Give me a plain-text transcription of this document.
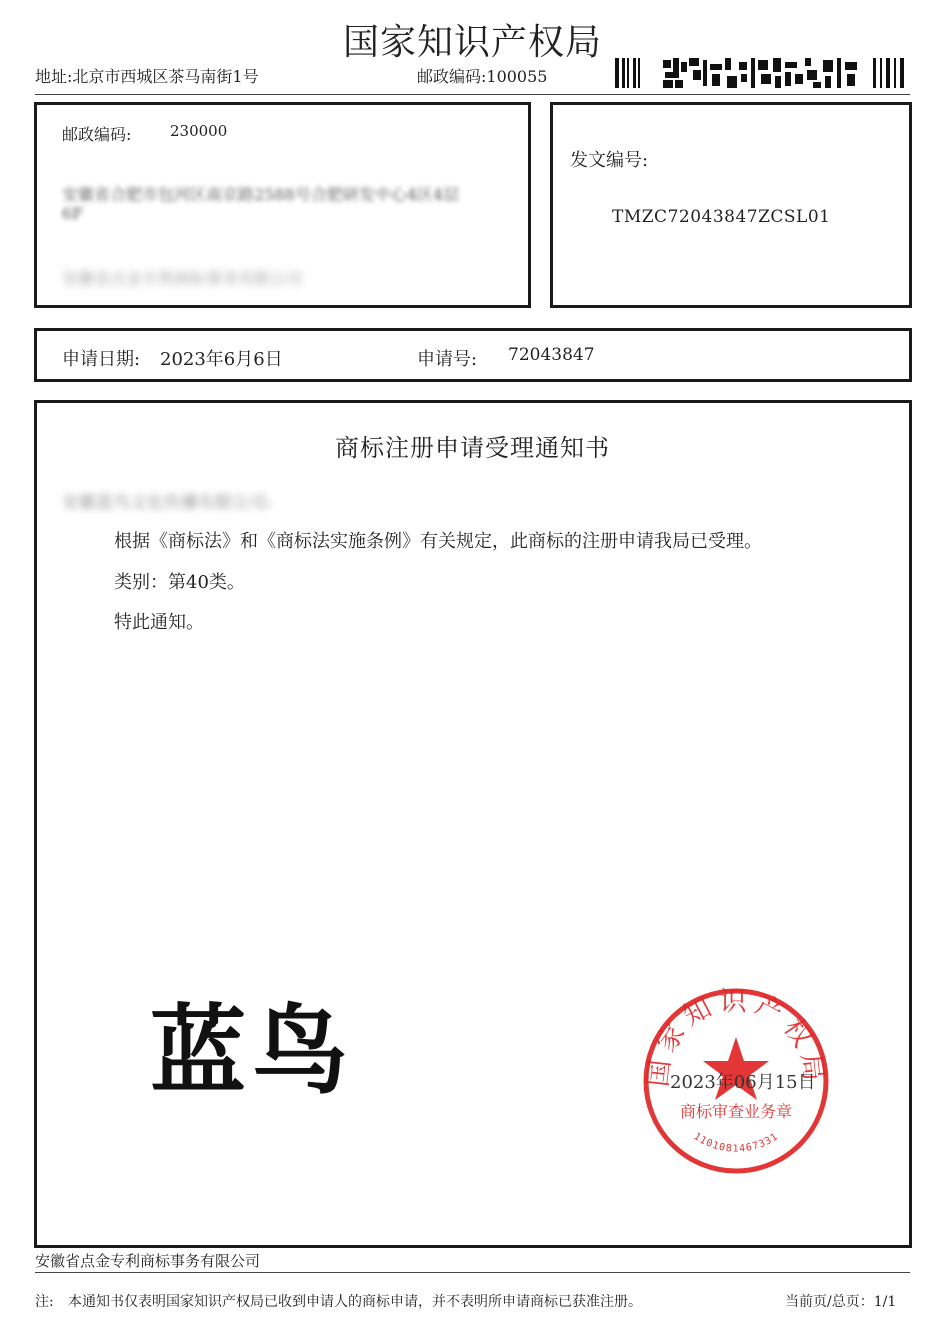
国家知识产权局
地址:北京市西城区茶马南街1号	邮政编码:100055
邮政编码:	230000
安徽省合肥市包河区南京路2588号合肥研发中心4区4层
6F
安徽省点金专利商标事务有限公司
发文编号:
TMZC72043847ZCSL01
申请日期: 2023年6月6日	申请号: 72043847
商标注册申请受理通知书
安徽蓝鸟文化传播有限公司:
根据《商标法》和《商标法实施条例》有关规定，此商标的注册申请我局已受理。
类别：第40类。
特此通知。
蓝鸟	国家知识产权局
商标审查业务章
1101081467331
2023年06月15日
安徽省点金专利商标事务有限公司
注: 本通知书仅表明国家知识产权局已收到申请人的商标申请，并不表明所申请商标已获准注册。	当前页/总页：1/1
